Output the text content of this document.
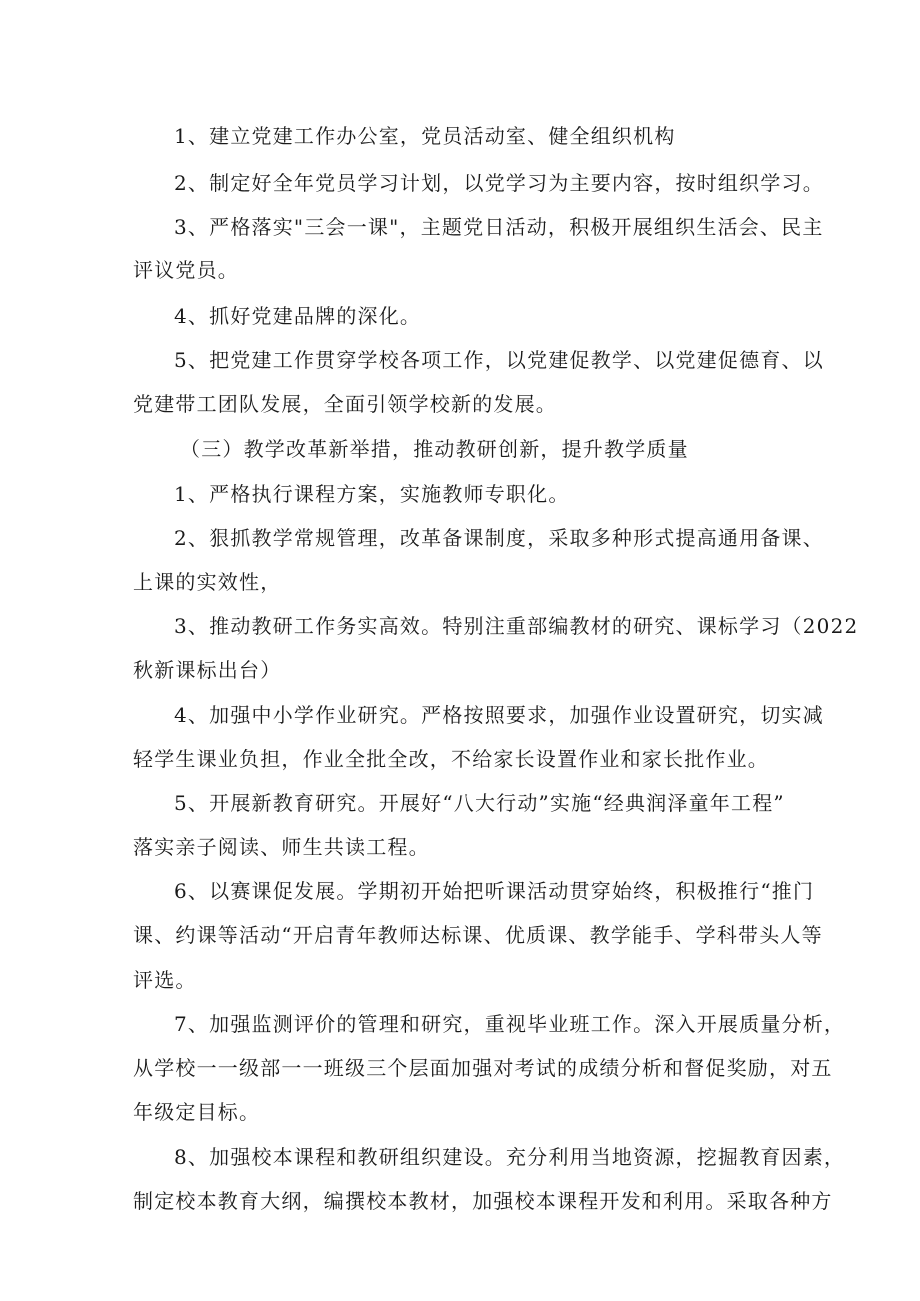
1、建立党建工作办公室，党员活动室、健全组织机构
2、制定好全年党员学习计划，以党学习为主要内容，按时组织学习。
3、严格落实"三会一课"，主题党日活动，积极开展组织生活会、民主
评议党员。
4、抓好党建品牌的深化。
5、把党建工作贯穿学校各项工作，以党建促教学、以党建促德育、以
党建带工团队发展，全面引领学校新的发展。
（三）教学改革新举措，推动教研创新，提升教学质量
1、严格执行课程方案，实施教师专职化。
2、狠抓教学常规管理，改革备课制度，采取多种形式提高通用备课、
上课的实效性，
3、推动教研工作务实高效。特别注重部编教材的研究、课标学习（2022
秋新课标出台）
4、加强中小学作业研究。严格按照要求，加强作业设置研究，切实减
轻学生课业负担，作业全批全改，不给家长设置作业和家长批作业。
5、开展新教育研究。开展好“八大行动”实施“经典润泽童年工程”
落实亲子阅读、师生共读工程。
6、以赛课促发展。学期初开始把听课活动贯穿始终，积极推行“推门
课、约课等活动“开启青年教师达标课、优质课、教学能手、学科带头人等
评选。
7、加强监测评价的管理和研究，重视毕业班工作。深入开展质量分析，
从学校一一级部一一班级三个层面加强对考试的成绩分析和督促奖励，对五
年级定目标。
8、加强校本课程和教研组织建设。充分利用当地资源，挖掘教育因素，
制定校本教育大纲，编撰校本教材，加强校本课程开发和利用。采取各种方
